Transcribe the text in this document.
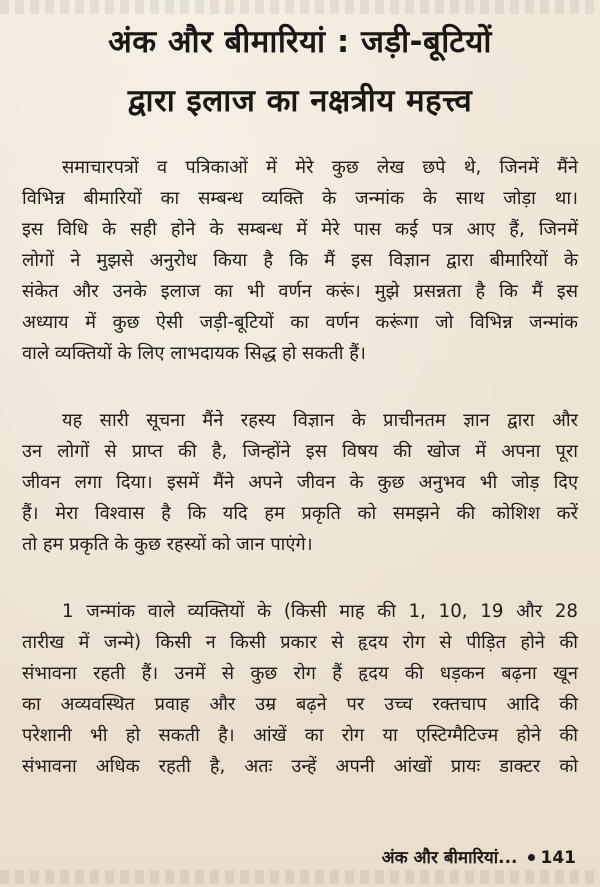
अंक और बीमारियां : जड़ी-बूटियों
द्वारा इलाज का नक्षत्रीय महत्त्व
समाचारपत्रों व पत्रिकाओं में मेरे कुछ लेख छपे थे, जिनमें मैंने
विभिन्न बीमारियों का सम्बन्ध व्यक्ति के जन्मांक के साथ जोड़ा था।
इस विधि के सही होने के सम्बन्ध में मेरे पास कई पत्र आए हैं, जिनमें
लोगों ने मुझसे अनुरोध किया है कि मैं इस विज्ञान द्वारा बीमारियों के
संकेत और उनके इलाज का भी वर्णन करूं। मुझे प्रसन्नता है कि मैं इस
अध्याय में कुछ ऐसी जड़ी-बूटियों का वर्णन करूंगा जो विभिन्न जन्मांक
वाले व्यक्तियों के लिए लाभदायक सिद्ध हो सकती हैं।
यह सारी सूचना मैंने रहस्य विज्ञान के प्राचीनतम ज्ञान द्वारा और
उन लोगों से प्राप्त की है, जिन्होंने इस विषय की खोज में अपना पूरा
जीवन लगा दिया। इसमें मैंने अपने जीवन के कुछ अनुभव भी जोड़ दिए
हैं। मेरा विश्वास है कि यदि हम प्रकृति को समझने की कोशिश करें
तो हम प्रकृति के कुछ रहस्यों को जान पाएंगे।
1 जन्मांक वाले व्यक्तियों के (किसी माह की 1, 10, 19 और 28
तारीख में जन्मे) किसी न किसी प्रकार से हृदय रोग से पीड़ित होने की
संभावना रहती हैं। उनमें से कुछ रोग हैं हृदय की धड़कन बढ़ना खून
का अव्यवस्थित प्रवाह और उम्र बढ़ने पर उच्च रक्तचाप आदि की
परेशानी भी हो सकती है। आंखें का रोग या एस्टिग्मैटिज्म होने की
संभावना अधिक रहती है, अतः उन्हें अपनी आंखों प्रायः डाक्टर को
अंक और बीमारियां... 141
